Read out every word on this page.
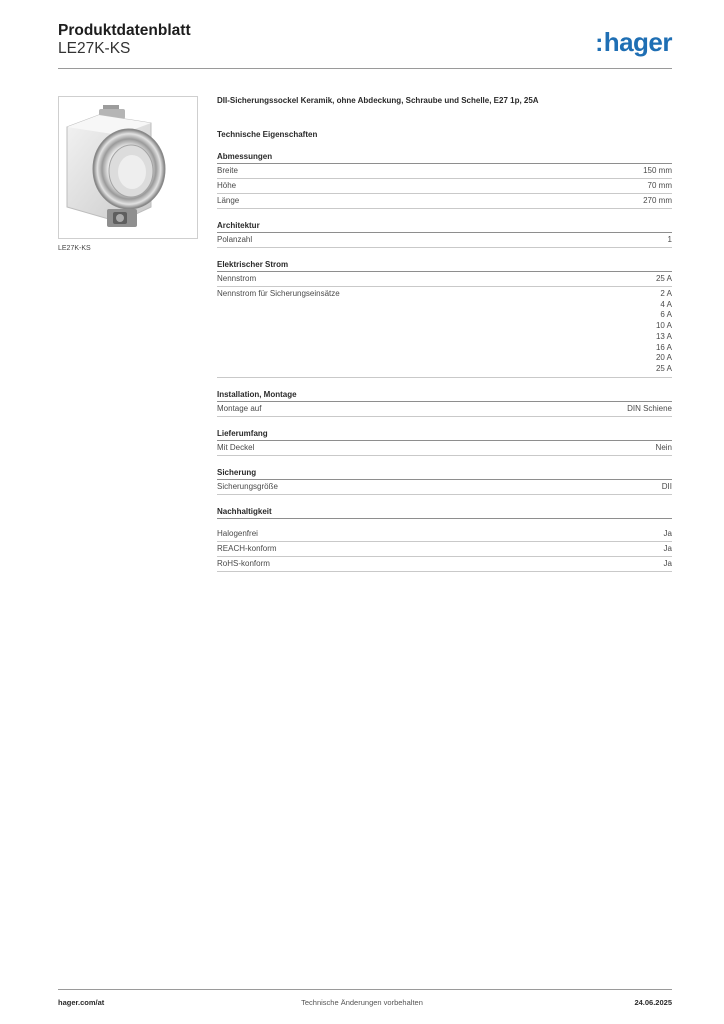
Produktdatenblatt
LE27K-KS	:hager
LE27K-KS
DII-Sicherungssockel Keramik, ohne Abdeckung, Schraube und Schelle, E27 1p, 25A
Technische Eigenschaften
Abmessungen
Breite	150 mm
Höhe	70 mm
Länge	270 mm
Architektur
Polanzahl	1
Elektrischer Strom
Nennstrom	25 A
Nennstrom für Sicherungseinsätze	2 A
4 A
6 A
10 A
13 A
16 A
20 A
25 A
Installation, Montage
Montage auf	DIN Schiene
Lieferumfang
Mit Deckel	Nein
Sicherung
Sicherungsgröße	DII
Nachhaltigkeit
Halogenfrei	Ja
REACH-konform	Ja
RoHS-konform	Ja
hager.com/at	Technische Änderungen vorbehalten	24.06.2025
